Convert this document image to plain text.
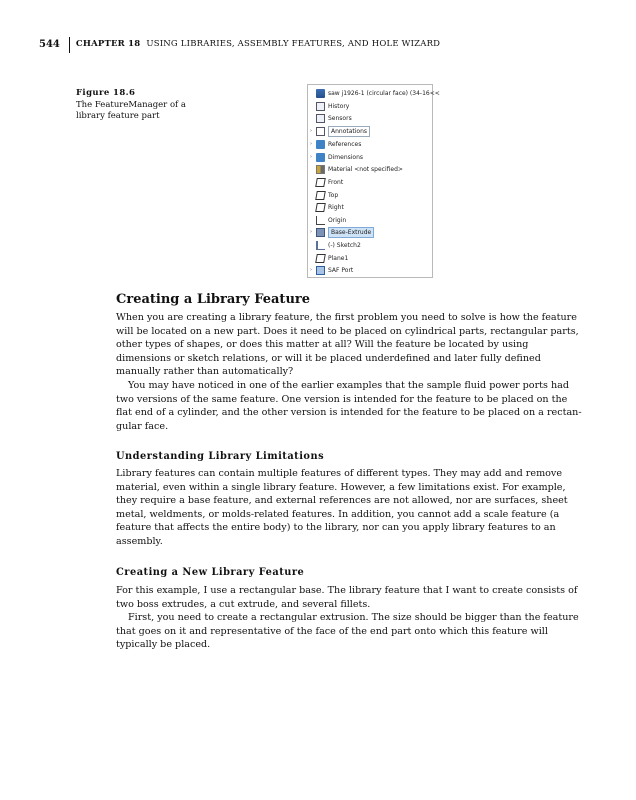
544 CHAPTER 18 USING LIBRARIES, ASSEMBLY FEATURES, AND HOLE WIZARD
Figure 18.6
The FeatureManager of a library feature part
saw j1926-1 (circular face) (34-16<<
History
Sensors
›	Annotations
›	References
›	Dimensions
Material <not specified>
Front
Top
Right
Origin
›	Base-Extrude
(-) Sketch2
Plane1
›	SAF Port
Creating a Library Feature

When you are creating a library feature, the first problem you need to solve is how the feature will be located on a new part. Does it need to be placed on cylindrical parts, rectangular parts, other types of shapes, or does this matter at all? Will the feature be located by using dimensions or sketch relations, or will it be placed underdefined and later fully defined manually rather than automatically?

You may have noticed in one of the earlier examples that the sample fluid power ports had two versions of the same feature. One version is intended for the feature to be placed on the flat end of a cylinder, and the other version is intended for the feature to be placed on a rectan-gular face.

Understanding Library Limitations

Library features can contain multiple features of different types. They may add and remove material, even within a single library feature. However, a few limitations exist. For example, they require a base feature, and external references are not allowed, nor are surfaces, sheet metal, weldments, or molds-related features. In addition, you cannot add a scale feature (a feature that affects the entire body) to the library, nor can you apply library features to an assembly.

Creating a New Library Feature

For this example, I use a rectangular base. The library feature that I want to create consists of two boss extrudes, a cut extrude, and several fillets.

First, you need to create a rectangular extrusion. The size should be bigger than the feature that goes on it and representative of the face of the end part onto which this feature will typically be placed.
